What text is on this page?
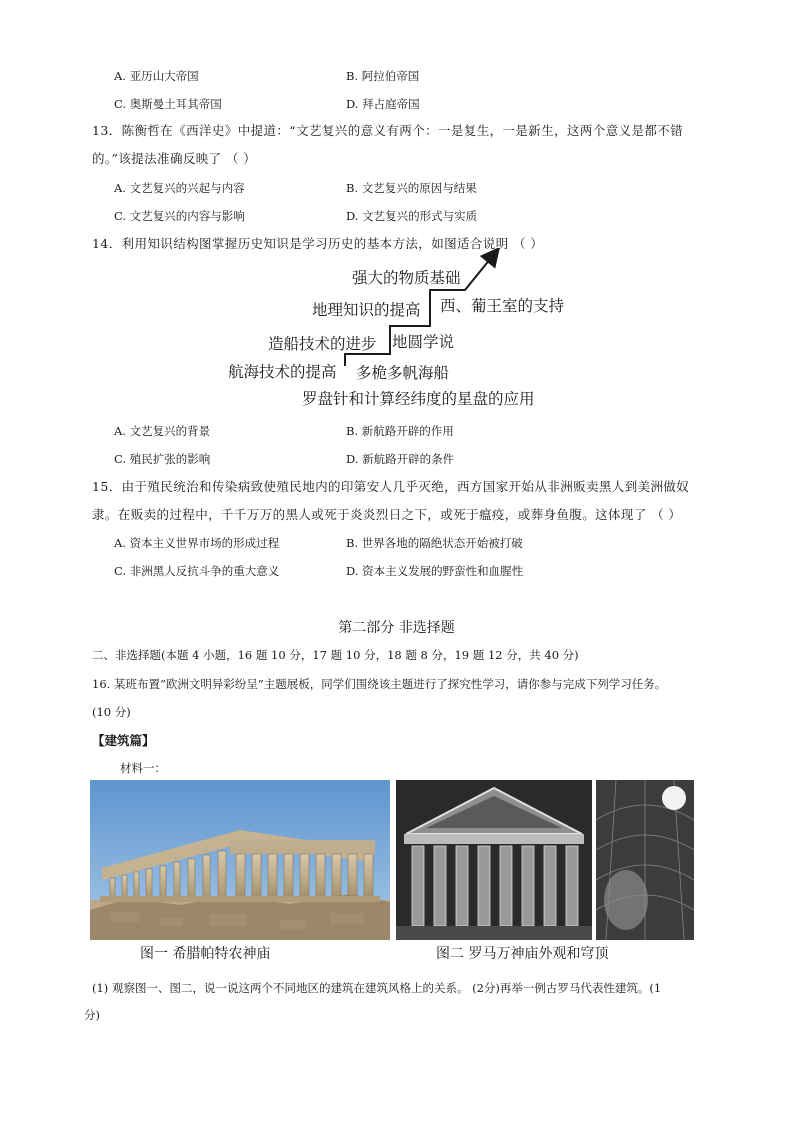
A. 亚历山大帝国	B. 阿拉伯帝国
C. 奥斯曼土耳其帝国	D. 拜占庭帝国
13．陈衡哲在《西洋史》中提道：“文艺复兴的意义有两个：一是复生，一是新生，这两个意义是都不错
的。”该提法准确反映了 （ ）
A. 文艺复兴的兴起与内容	B. 文艺复兴的原因与结果
C. 文艺复兴的内容与影响	D. 文艺复兴的形式与实质
14．利用知识结构图掌握历史知识是学习历史的基本方法，如图适合说明 （ ）
强大的物质基础
地理知识的提高
造船技术的进步
航海技术的提高
西、葡王室的支持
地圆学说
多桅多帆海船
罗盘针和计算经纬度的星盘的应用
A. 文艺复兴的背景	B. 新航路开辟的作用
C. 殖民扩张的影响	D. 新航路开辟的条件
15．由于殖民统治和传染病致使殖民地内的印第安人几乎灭绝，西方国家开始从非洲贩卖黑人到美洲做奴
隶。在贩卖的过程中，千千万万的黑人或死于炎炎烈日之下，或死于瘟疫，或葬身鱼腹。这体现了 （ ）
A. 资本主义世界市场的形成过程	B. 世界各地的隔绝状态开始被打破
C. 非洲黑人反抗斗争的重大意义	D. 资本主义发展的野蛮性和血腥性
第二部分 非选择题
二、非选择题(本题 4 小题，16 题 10 分，17 题 10 分，18 题 8 分，19 题 12 分，共 40 分)
16. 某班布置“欧洲文明异彩纷呈”主题展板，同学们围绕该主题进行了探究性学习，请你参与完成下列学习任务。
(10 分)
【建筑篇】
材料一：
图一 希腊帕特农神庙	图二 罗马万神庙外观和穹顶
(1) 观察图一、图二，说一说这两个不同地区的建筑在建筑风格上的关系。 (2分)再举一例古罗马代表性建筑。(1
分)
